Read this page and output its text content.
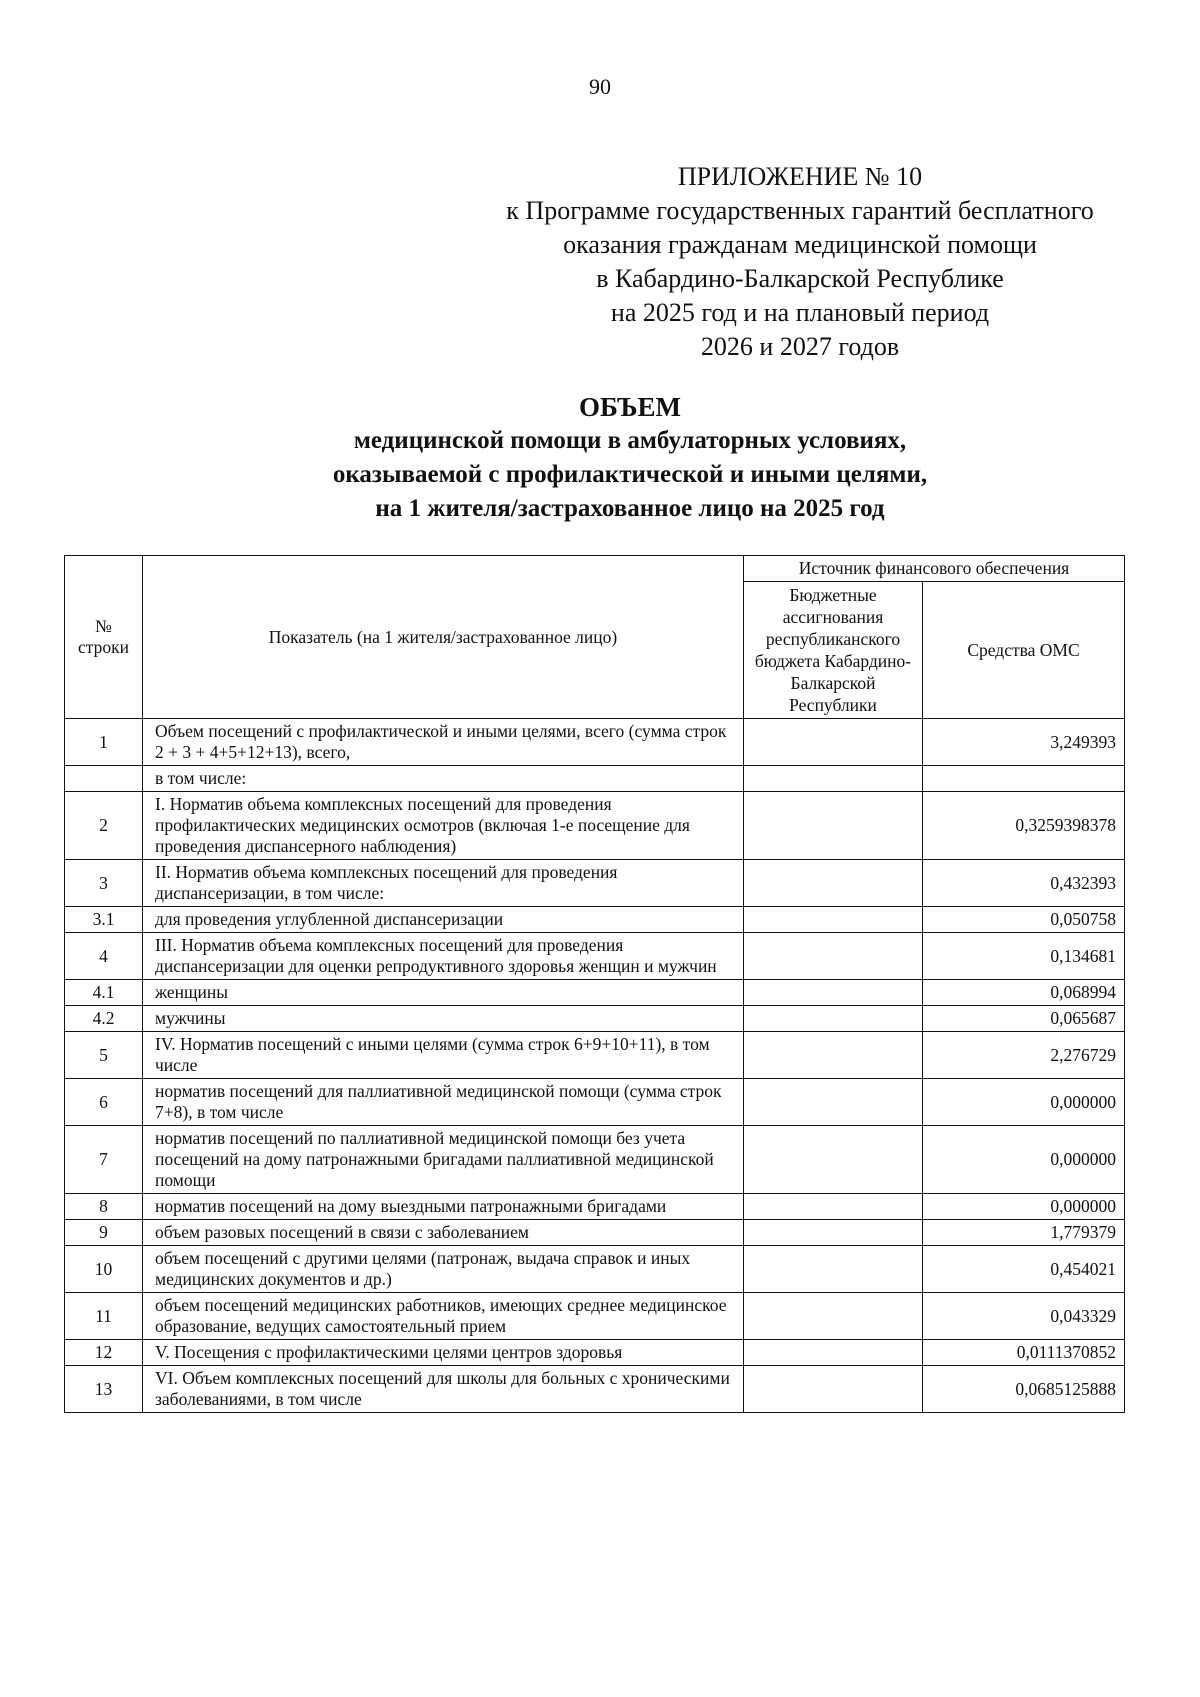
90
ПРИЛОЖЕНИЕ № 10
к Программе государственных гарантий бесплатного
оказания гражданам медицинской помощи
в Кабардино-Балкарской Республике
на 2025 год и на плановый период
2026 и 2027 годов
ОБЪЕМ
медицинской помощи в амбулаторных условиях,
оказываемой с профилактической и иными целями,
на 1 жителя/застрахованное лицо на 2025 год
№ строки	Показатель (на 1 жителя/застрахованное лицо)	Источник финансового обеспечения	
		Бюджетные ассигнования республиканского бюджета Кабардино-Балкарской Республики	Средства ОМС
1	Объем посещений с профилактической и иными целями, всего (сумма строк 2 + 3 + 4+5+12+13), всего,		3,249393
	в том числе:		
2	I. Норматив объема комплексных посещений для проведения профилактических медицинских осмотров (включая 1-е посещение для проведения диспансерного наблюдения)		0,3259398378
3	II. Норматив объема комплексных посещений для проведения диспансеризации, в том числе:		0,432393
3.1	для проведения углубленной диспансеризации		0,050758
4	III. Норматив объема комплексных посещений для проведения диспансеризации для оценки репродуктивного здоровья женщин и мужчин		0,134681
4.1	женщины		0,068994
4.2	мужчины		0,065687
5	IV. Норматив посещений с иными целями (сумма строк 6+9+10+11), в том числе		2,276729
6	норматив посещений для паллиативной медицинской помощи (сумма строк 7+8), в том числе		0,000000
7	норматив посещений по паллиативной медицинской помощи без учета посещений на дому патронажными бригадами паллиативной медицинской помощи		0,000000
8	норматив посещений на дому выездными патронажными бригадами		0,000000
9	объем разовых посещений в связи с заболеванием		1,779379
10	объем посещений с другими целями (патронаж, выдача справок и иных медицинских документов и др.)		0,454021
11	объем посещений медицинских работников, имеющих среднее медицинское образование, ведущих самостоятельный прием		0,043329
12	V. Посещения с профилактическими целями центров здоровья		0,0111370852
13	VI. Объем комплексных посещений для школы для больных с хроническими заболеваниями, в том числе		0,0685125888
